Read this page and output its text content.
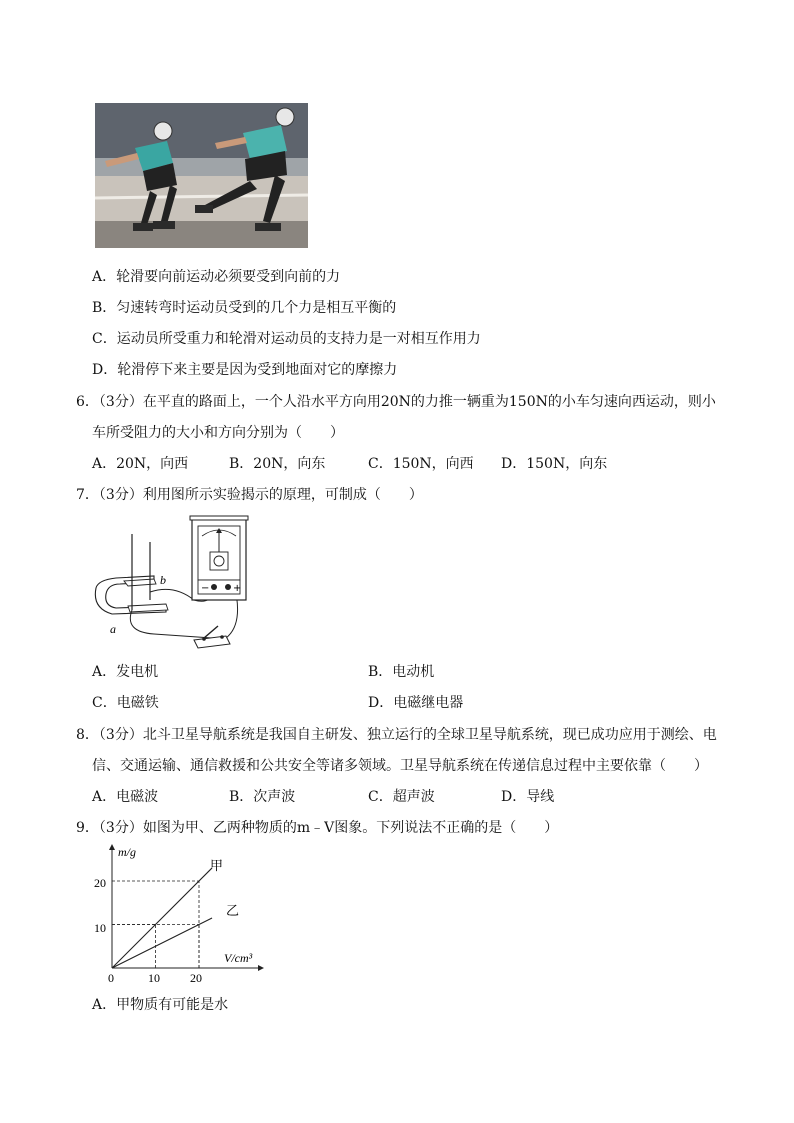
A．轮滑要向前运动必须要受到向前的力
B．匀速转弯时运动员受到的几个力是相互平衡的
C．运动员所受重力和轮滑对运动员的支持力是一对相互作用力
D．轮滑停下来主要是因为受到地面对它的摩擦力
6．（3分）在平直的路面上，一个人沿水平方向用20N的力推一辆重为150N的小车匀速向西运动，则小
车所受阻力的大小和方向分别为（　　）
A．20N，向西	B．20N，向东	C．150N，向西 D．150N，向东
7．（3分）利用图所示实验揭示的原理，可制成（　　）
b
a
− +
A．发电机	B．电动机
C．电磁铁	D．电磁继电器
8．（3分）北斗卫星导航系统是我国自主研发、独立运行的全球卫星导航系统，现已成功应用于测绘、电
信、交通运输、通信救援和公共安全等诸多领域。卫星导航系统在传递信息过程中主要依靠（　　）
A．电磁波	B．次声波	C．超声波	D．导线
9．（3分）如图为甲、乙两种物质的m﹣V图象。下列说法不正确的是（　　）
m/g
V/cm³
0	10	20
10
20
甲
乙
A．甲物质有可能是水
